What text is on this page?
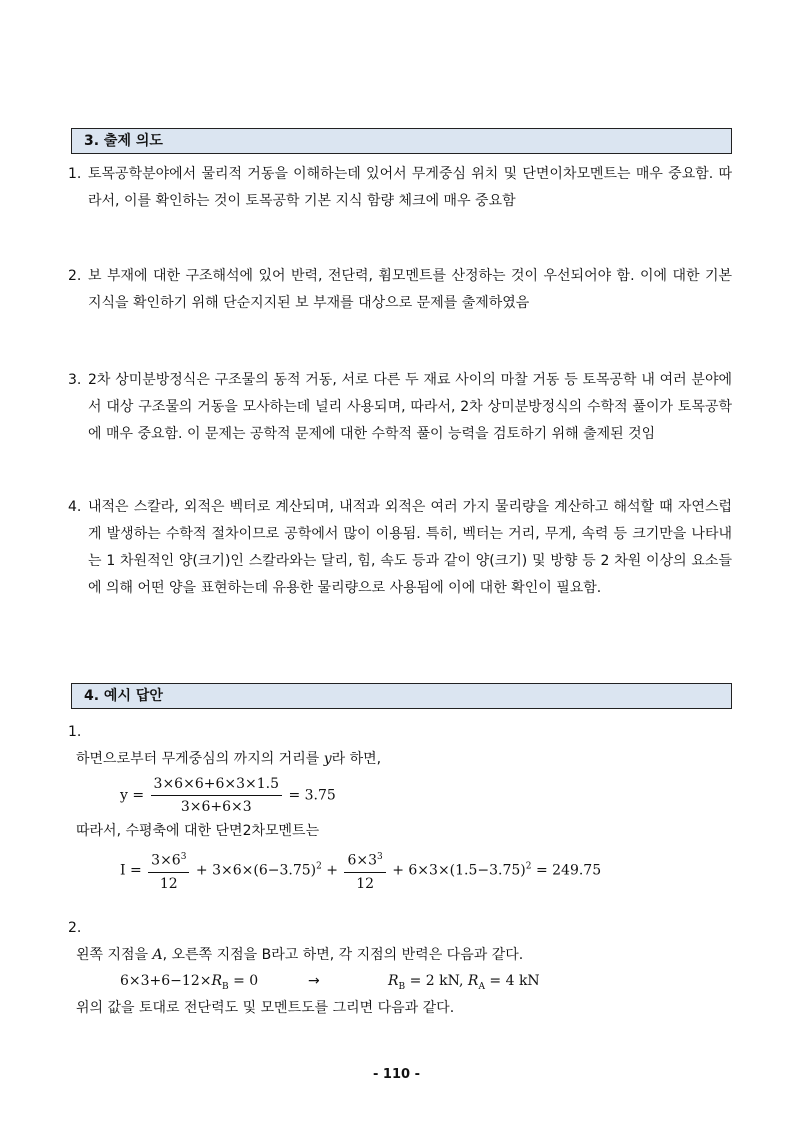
3. 출제 의도
1. 토목공학분야에서 물리적 거동을 이해하는데 있어서 무게중심 위치 및 단면이차모멘트는 매우 중요함. 따라서, 이를 확인하는 것이 토목공학 기본 지식 함량 체크에 매우 중요함
2. 보 부재에 대한 구조해석에 있어 반력, 전단력, 휨모멘트를 산정하는 것이 우선되어야 함. 이에 대한 기본 지식을 확인하기 위해 단순지지된 보 부재를 대상으로 문제를 출제하였음
3. 2차 상미분방정식은 구조물의 동적 거동, 서로 다른 두 재료 사이의 마찰 거동 등 토목공학 내 여러 분야에서 대상 구조물의 거동을 모사하는데 널리 사용되며, 따라서, 2차 상미분방정식의 수학적 풀이가 토목공학에 매우 중요함. 이 문제는 공학적 문제에 대한 수학적 풀이 능력을 검토하기 위해 출제된 것임
4. 내적은 스칼라, 외적은 벡터로 계산되며, 내적과 외적은 여러 가지 물리량을 계산하고 해석할 때 자연스럽게 발생하는 수학적 절차이므로 공학에서 많이 이용됨. 특히, 벡터는 거리, 무게, 속력 등 크기만을 나타내는 1 차원적인 양(크기)인 스칼라와는 달리, 힘, 속도 등과 같이 양(크기) 및 방향 등 2 차원 이상의 요소들에 의해 어떤 양을 표현하는데 유용한 물리량으로 사용됨에 이에 대한 확인이 필요함.
4. 예시 답안
1.
하면으로부터 무게중심의 까지의 거리를 y라 하면,
$y = \frac{3\times 6\times 6+6\times 3\times 1.5}{3\times 6+6\times 3} = 3.75$
따라서, 수평축에 대한 단면2차모멘트는
$I = \frac{3\times 6^3}{12} + 3\times 6\times(6-3.75)^2 + \frac{6\times 3^3}{12} + 6\times 3\times(1.5-3.75)^2 = 249.75$
2.
왼쪽 지점을 A, 오른쪽 지점을 B라고 하면, 각 지점의 반력은 다음과 같다.
$6\times 3+6-12\times R_B = 0$	→	$R_B = 2$ kN, $R_A = 4$ kN
위의 값을 토대로 전단력도 및 모멘트도를 그리면 다음과 같다.
- 110 -
